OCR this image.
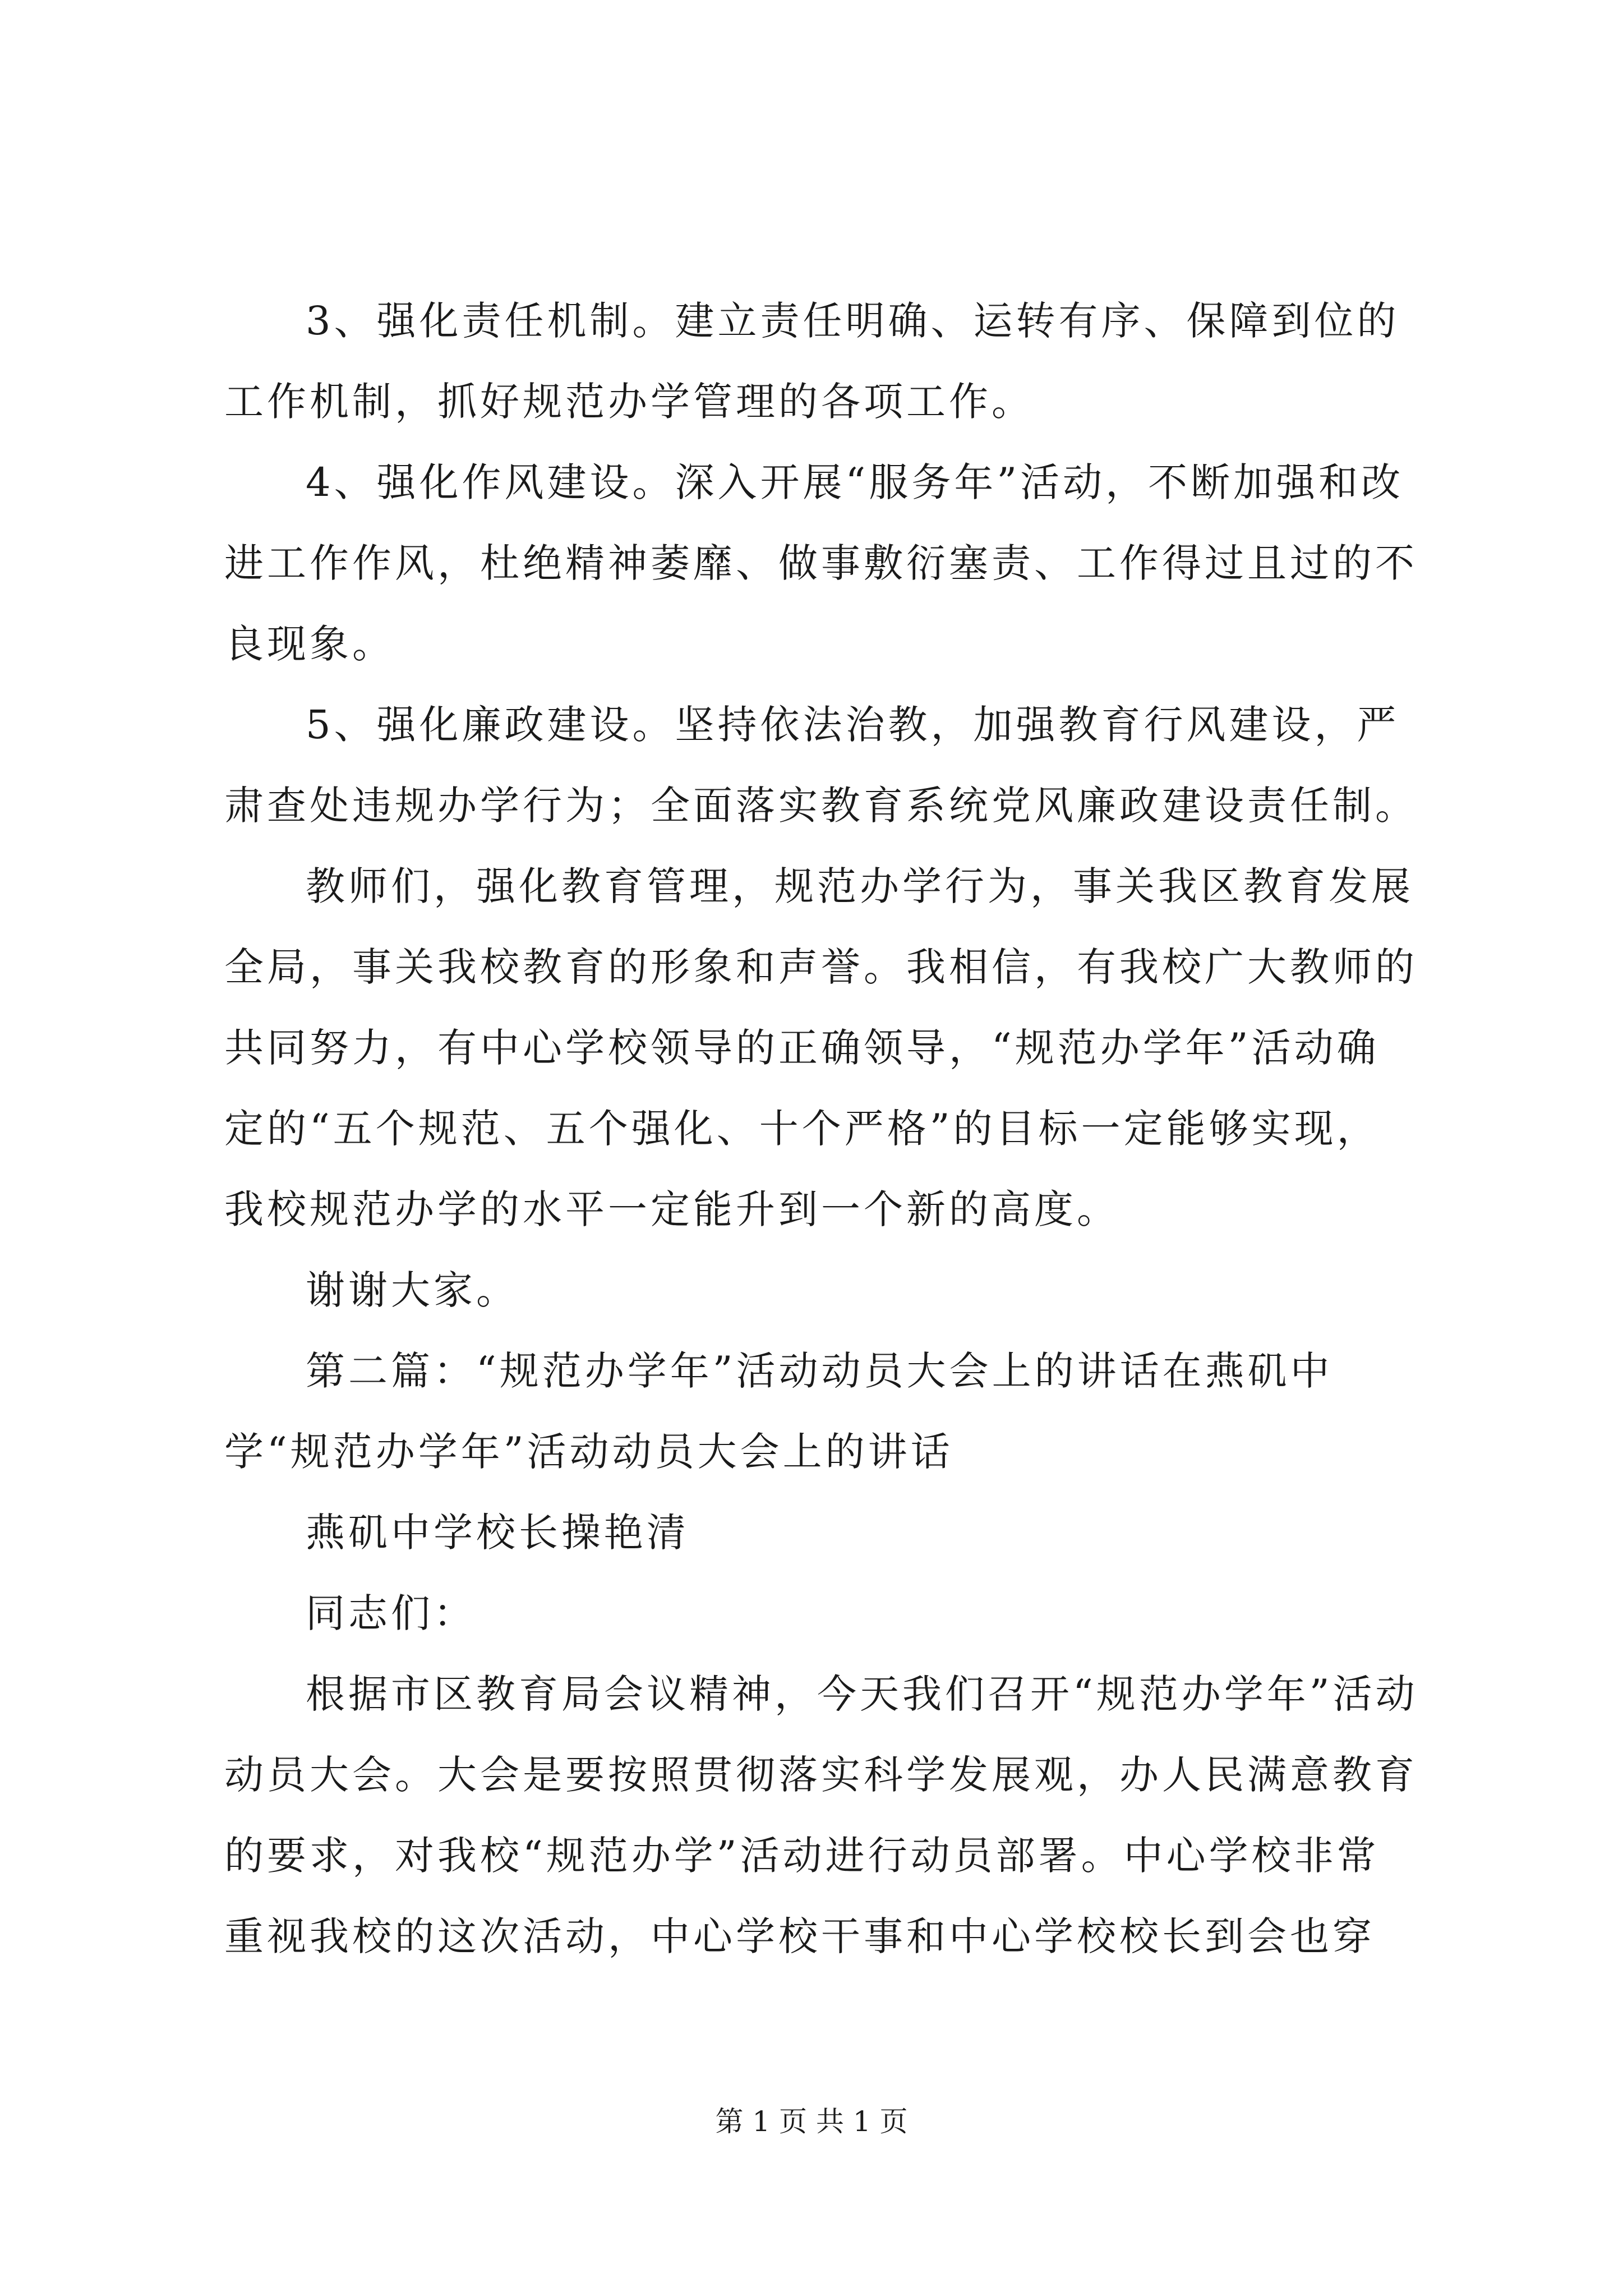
3、强化责任机制。建立责任明确、运转有序、保障到位的工作机制，抓好规范办学管理的各项工作。

4、强化作风建设。深入开展“服务年”活动，不断加强和改进工作作风，杜绝精神萎靡、做事敷衍塞责、工作得过且过的不良现象。

5、强化廉政建设。坚持依法治教，加强教育行风建设，严肃查处违规办学行为；全面落实教育系统党风廉政建设责任制。

教师们，强化教育管理，规范办学行为，事关我区教育发展全局，事关我校教育的形象和声誉。我相信，有我校广大教师的共同努力，有中心学校领导的正确领导，“规范办学年”活动确定的“五个规范、五个强化、十个严格”的目标一定能够实现，我校规范办学的水平一定能升到一个新的高度。

谢谢大家。

第二篇：“规范办学年”活动动员大会上的讲话在燕矶中学“规范办学年”活动动员大会上的讲话

燕矶中学校长操艳清

同志们：

根据市区教育局会议精神，今天我们召开“规范办学年”活动动员大会。大会是要按照贯彻落实科学发展观，办人民满意教育的要求，对我校“规范办学”活动进行动员部署。中心学校非常重视我校的这次活动，中心学校干事和中心学校校长到会也穿

第 1 页 共 1 页
